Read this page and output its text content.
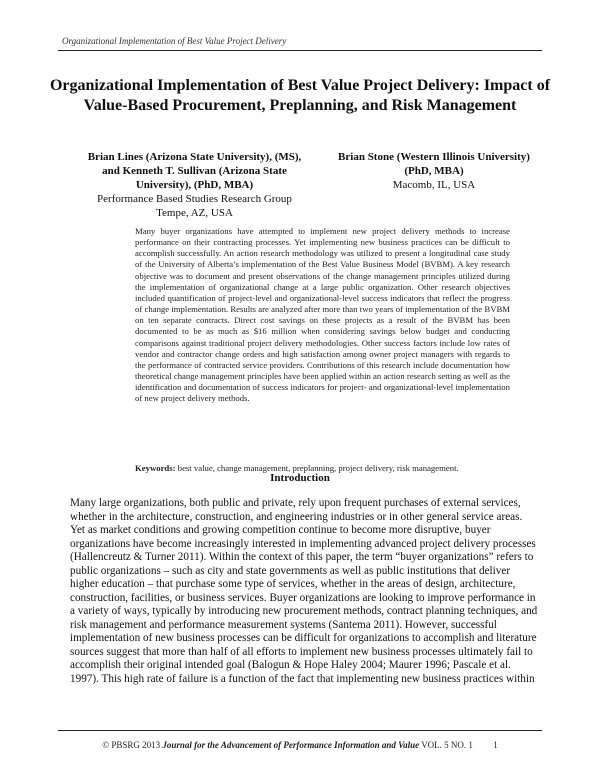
Organizational Implementation of Best Value Project Delivery
Organizational Implementation of Best Value Project Delivery: Impact of Value-Based Procurement, Preplanning, and Risk Management
Brian Lines (Arizona State University), (MS),
and Kenneth T. Sullivan (Arizona State
University), (PhD, MBA)
Performance Based Studies Research Group
Tempe, AZ, USA
Brian Stone (Western Illinois University)
(PhD, MBA)
Macomb, IL, USA
Many buyer organizations have attempted to implement new project delivery methods to increase performance on their contracting processes. Yet implementing new business practices can be difficult to accomplish successfully. An action research methodology was utilized to present a longitudinal case study of the University of Alberta’s implementation of the Best Value Business Model (BVBM). A key research objective was to document and present observations of the change management principles utilized during the implementation of organizational change at a large public organization. Other research objectives included quantification of project-level and organizational-level success indicators that reflect the progress of change implementation. Results are analyzed after more than two years of implementation of the BVBM on ten separate contracts. Direct cost savings on these projects as a result of the BVBM has been documented to be as much as $16 million when considering savings below budget and conducting comparisons against traditional project delivery methodologies. Other success factors include low rates of vendor and contractor change orders and high satisfaction among owner project managers with regards to the performance of contracted service providers. Contributions of this research include documentation how theoretical change management principles have been applied within an action research setting as well as the identification and documentation of success indicators for project- and organizational-level implementation of new project delivery methods.
Keywords: best value, change management, preplanning, project delivery, risk management.
Introduction
Many large organizations, both public and private, rely upon frequent purchases of external services, whether in the architecture, construction, and engineering industries or in other general service areas. Yet as market conditions and growing competition continue to become more disruptive, buyer organizations have become increasingly interested in implementing advanced project delivery processes (Hallencreutz & Turner 2011). Within the context of this paper, the term “buyer organizations” refers to public organizations – such as city and state governments as well as public institutions that deliver higher education – that purchase some type of services, whether in the areas of design, architecture, construction, facilities, or business services. Buyer organizations are looking to improve performance in a variety of ways, typically by introducing new procurement methods, contract planning techniques, and risk management and performance measurement systems (Santema 2011). However, successful implementation of new business processes can be difficult for organizations to accomplish and literature sources suggest that more than half of all efforts to implement new business processes ultimately fail to accomplish their original intended goal (Balogun & Hope Haley 2004; Maurer 1996; Pascale et al. 1997). This high rate of failure is a function of the fact that implementing new business practices within
© PBSRG 2013 Journal for the Advancement of Performance Information and Value VOL. 5 NO. 1 1
